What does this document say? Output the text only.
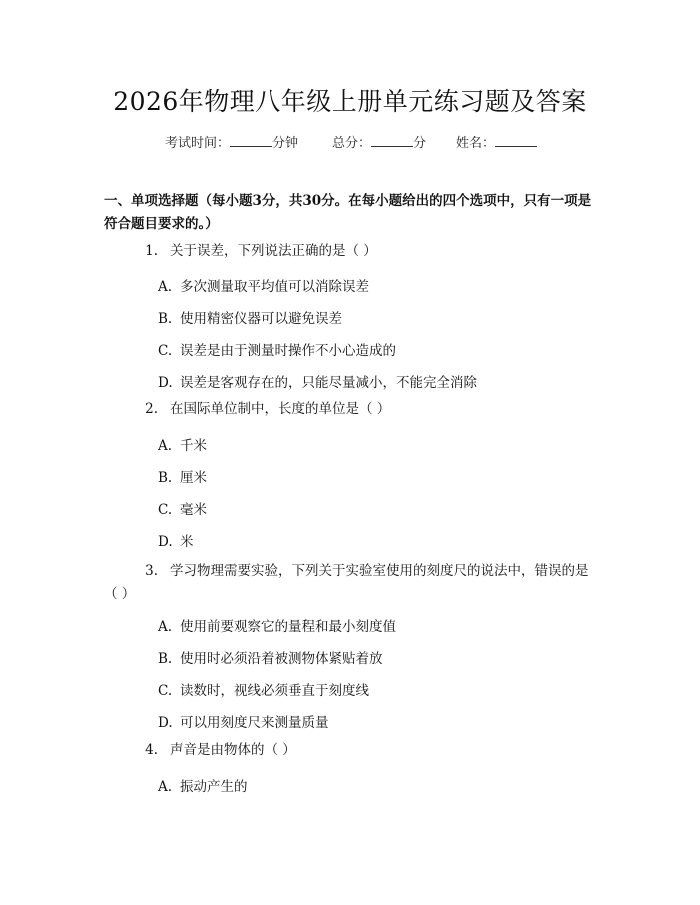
2026年物理八年级上册单元练习题及答案
考试时间：	分钟	总分：	分 姓名：
一、单项选择题（每小题3分，共30分。在每小题给出的四个选项中，只有一项是符合题目要求的。）
1. 关于误差，下列说法正确的是（ ）
A. 多次测量取平均值可以消除误差
B. 使用精密仪器可以避免误差
C. 误差是由于测量时操作不小心造成的
D. 误差是客观存在的，只能尽量减小，不能完全消除
2. 在国际单位制中，长度的单位是（ ）
A. 千米
B. 厘米
C. 毫米
D. 米
3. 学习物理需要实验，下列关于实验室使用的刻度尺的说法中，错误的是（ ）
A. 使用前要观察它的量程和最小刻度值
B. 使用时必须沿着被测物体紧贴着放
C. 读数时，视线必须垂直于刻度线
D. 可以用刻度尺来测量质量
4. 声音是由物体的（ ）
A. 振动产生的
